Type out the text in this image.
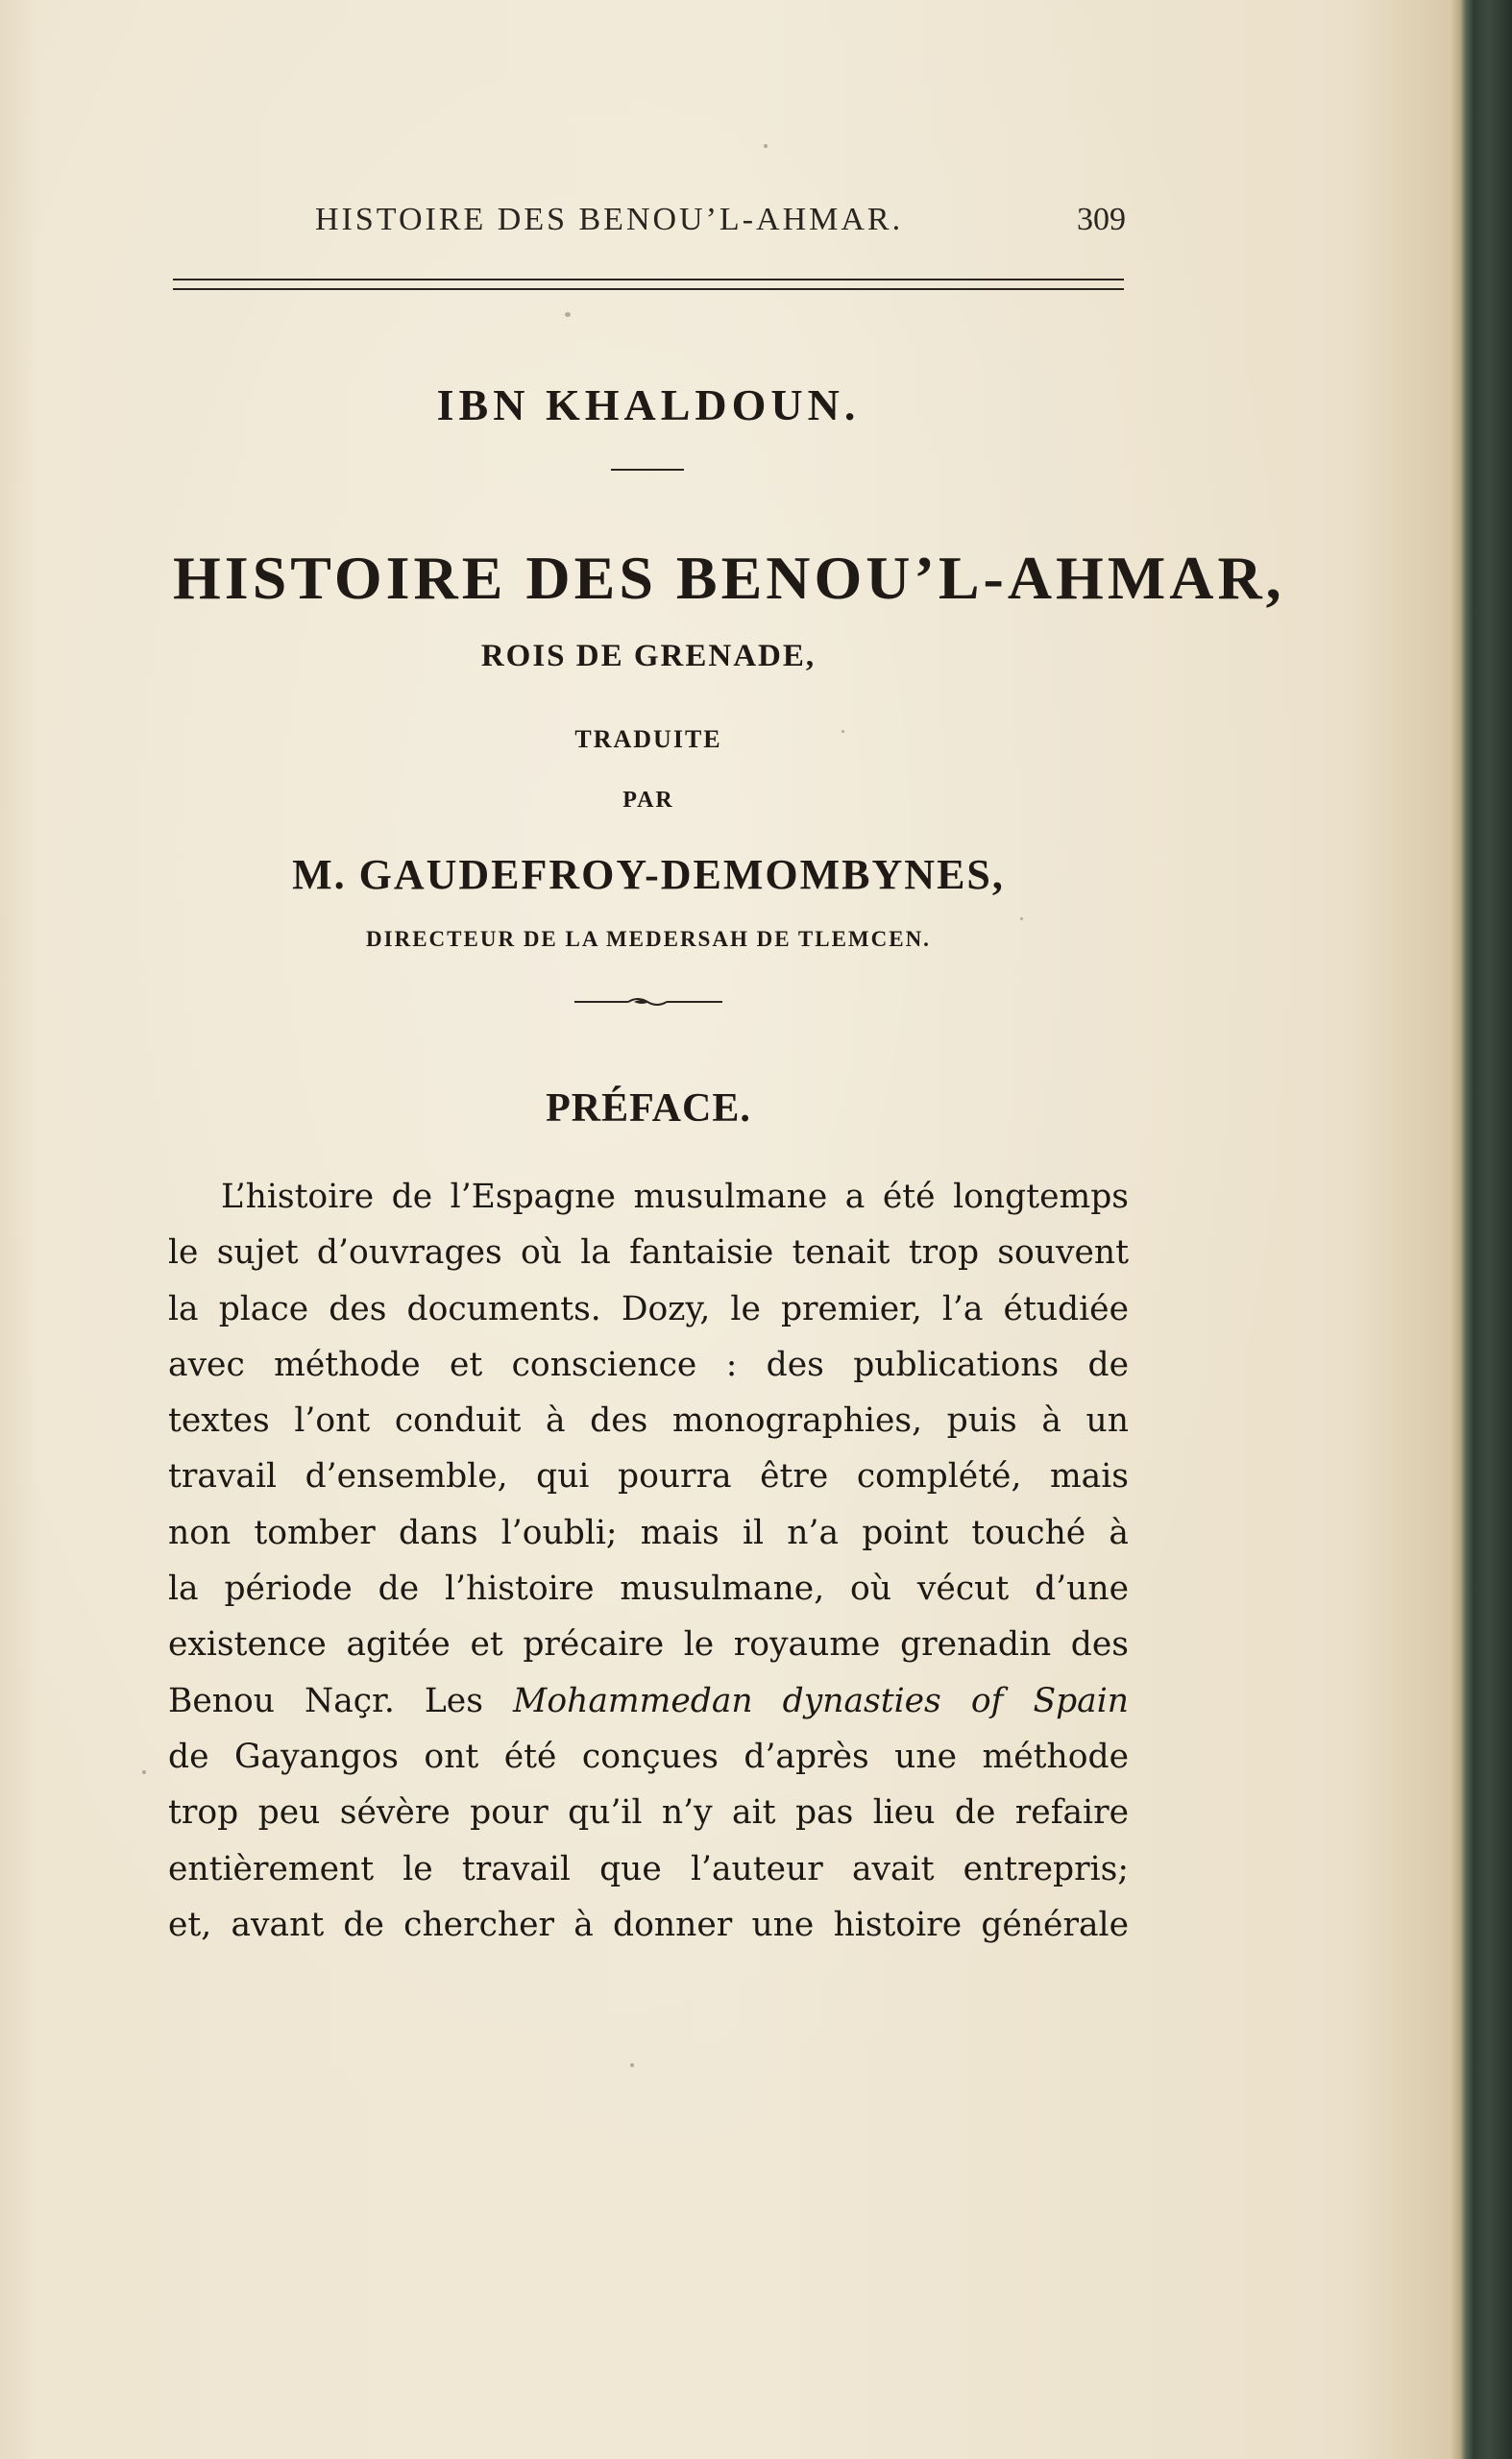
HISTOIRE DES BENOU’L-AHMAR.	309
IBN KHALDOUN.
HISTOIRE DES BENOU’L-AHMAR,
ROIS DE GRENADE,
TRADUITE
PAR
M. GAUDEFROY-DEMOMBYNES,
DIRECTEUR DE LA MEDERSAH DE TLEMCEN.
PRÉFACE.
L’histoire de l’Espagne musulmane a été longtemps
le sujet d’ouvrages où la fantaisie tenait trop souvent
la place des documents. Dozy, le premier, l’a étudiée
avec méthode et conscience : des publications de
textes l’ont conduit à des monographies, puis à un
travail d’ensemble, qui pourra être complété, mais
non tomber dans l’oubli; mais il n’a point touché à
la période de l’histoire musulmane, où vécut d’une
existence agitée et précaire le royaume grenadin des
Benou Naçr. Les Mohammedan dynasties of Spain
de Gayangos ont été conçues d’après une méthode
trop peu sévère pour qu’il n’y ait pas lieu de refaire
entièrement le travail que l’auteur avait entrepris;
et, avant de chercher à donner une histoire générale
